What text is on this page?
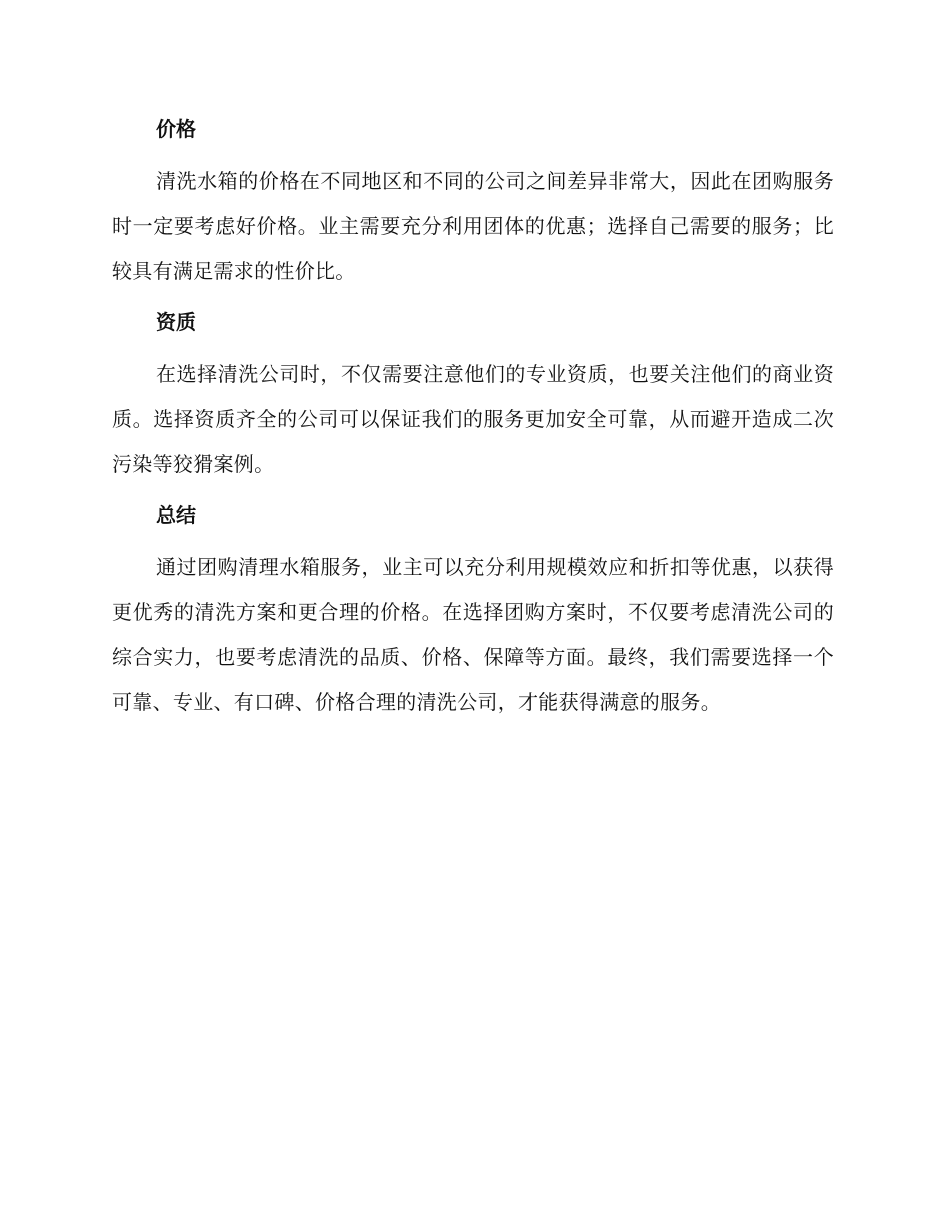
价格

清洗水箱的价格在不同地区和不同的公司之间差异非常大，因此在团购服务时一定要考虑好价格。业主需要充分利用团体的优惠；选择自己需要的服务；比较具有满足需求的性价比。

资质

在选择清洗公司时，不仅需要注意他们的专业资质，也要关注他们的商业资质。选择资质齐全的公司可以保证我们的服务更加安全可靠，从而避开造成二次污染等狡猾案例。

总结

通过团购清理水箱服务，业主可以充分利用规模效应和折扣等优惠，以获得更优秀的清洗方案和更合理的价格。在选择团购方案时，不仅要考虑清洗公司的综合实力，也要考虑清洗的品质、价格、保障等方面。最终，我们需要选择一个可靠、专业、有口碑、价格合理的清洗公司，才能获得满意的服务。
